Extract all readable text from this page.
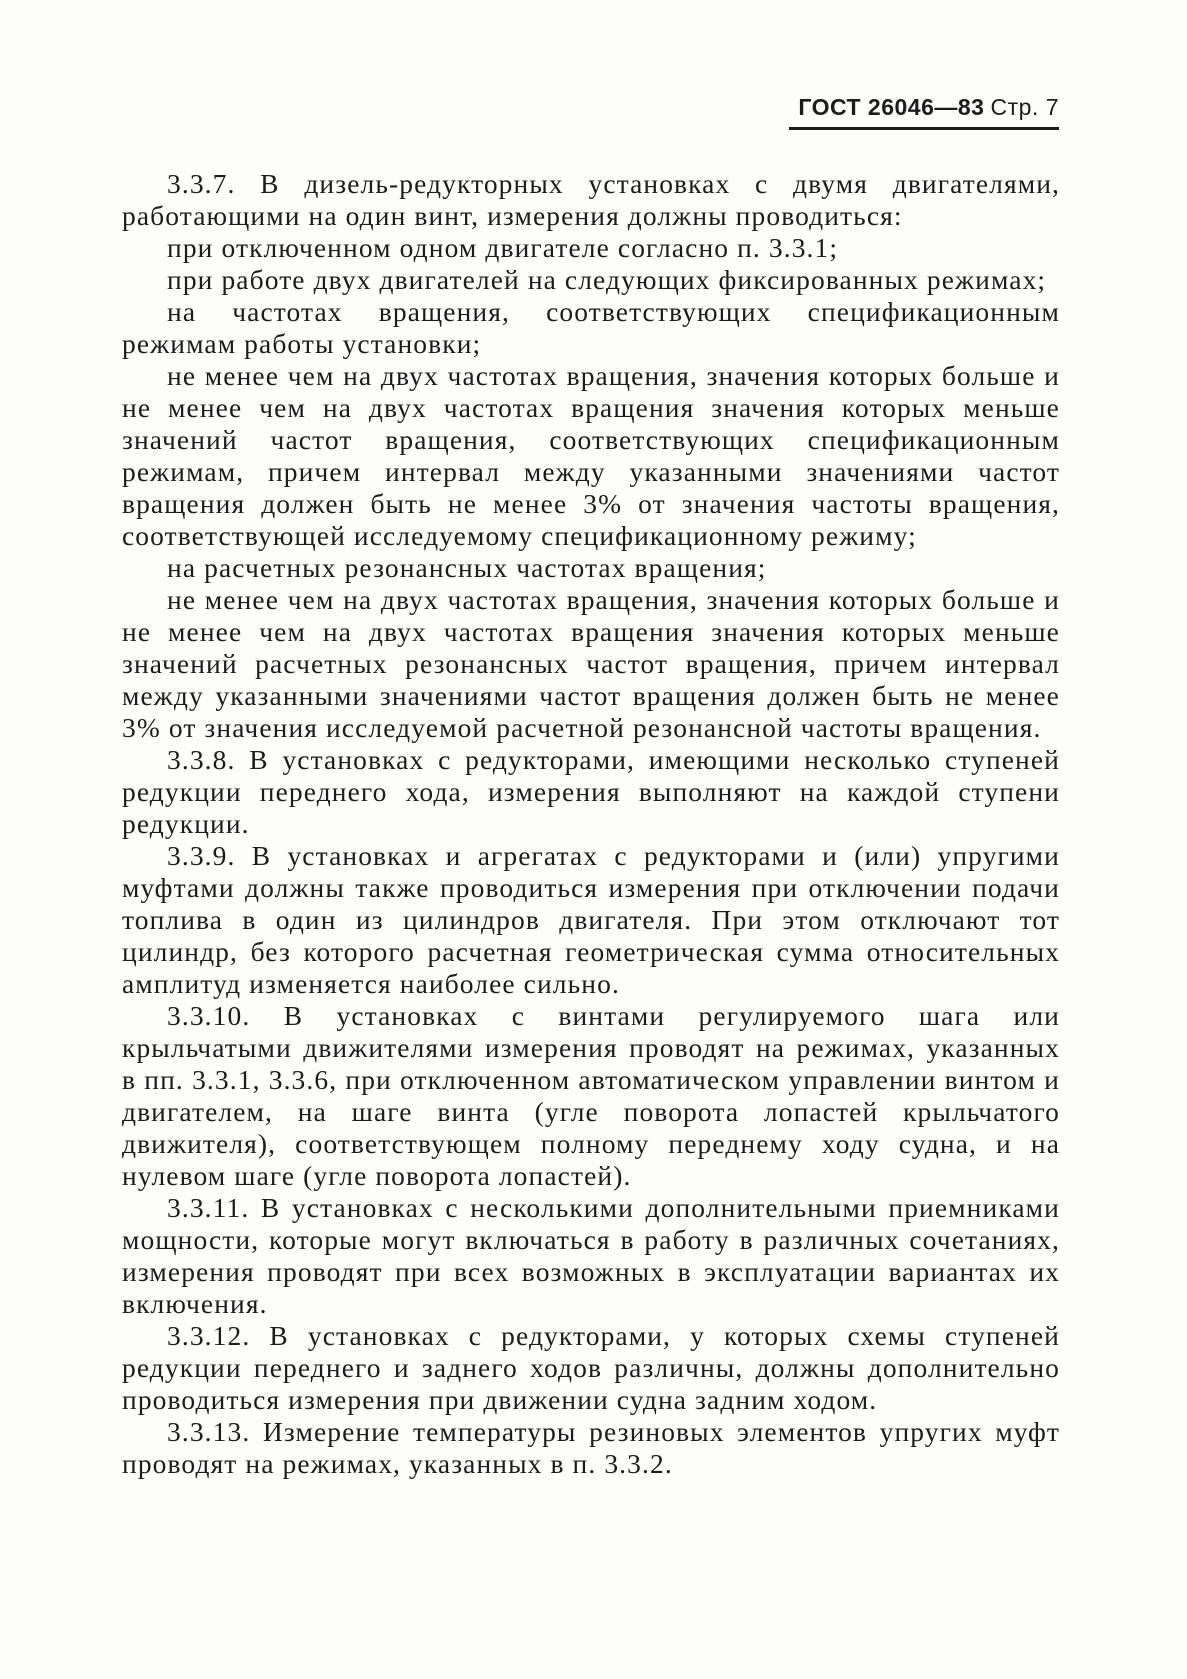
ГОСТ 26046—83 Стр. 7

3.3.7. В дизель-редукторных установках с двумя двигателями, работающими на один винт, измерения должны проводиться:

при отключенном одном двигателе согласно п. 3.3.1;

при работе двух двигателей на следующих фиксированных режимах;

на частотах вращения, соответствующих спецификационным режимам работы установки;

не менее чем на двух частотах вращения, значения которых больше и не менее чем на двух частотах вращения значения которых меньше значений частот вращения, соответствующих спецификационным режимам, причем интервал между указанными значениями частот вращения должен быть не менее 3% от значения частоты вращения, соответствующей исследуемому спецификационному режиму;

на расчетных резонансных частотах вращения;

не менее чем на двух частотах вращения, значения которых больше и не менее чем на двух частотах вращения значения которых меньше значений расчетных резонансных частот вращения, причем интервал между указанными значениями частот вращения должен быть не менее 3% от значения исследуемой расчетной резонансной частоты вращения.

3.3.8. В установках с редукторами, имеющими несколько ступеней редукции переднего хода, измерения выполняют на каждой ступени редукции.

3.3.9. В установках и агрегатах с редукторами и (или) упругими муфтами должны также проводиться измерения при отключении подачи топлива в один из цилиндров двигателя. При этом отключают тот цилиндр, без которого расчетная геометрическая сумма относительных амплитуд изменяется наиболее сильно.

3.3.10. В установках с винтами регулируемого шага или крыльчатыми движителями измерения проводят на режимах, указанных в пп. 3.3.1, 3.3.6, при отключенном автоматическом управлении винтом и двигателем, на шаге винта (угле поворота лопастей крыльчатого движителя), соответствующем полному переднему ходу судна, и на нулевом шаге (угле поворота лопастей).

3.3.11. В установках с несколькими дополнительными приемниками мощности, которые могут включаться в работу в различных сочетаниях, измерения проводят при всех возможных в эксплуатации вариантах их включения.

3.3.12. В установках с редукторами, у которых схемы ступеней редукции переднего и заднего ходов различны, должны дополнительно проводиться измерения при движении судна задним ходом.

3.3.13. Измерение температуры резиновых элементов упругих муфт проводят на режимах, указанных в п. 3.3.2.
